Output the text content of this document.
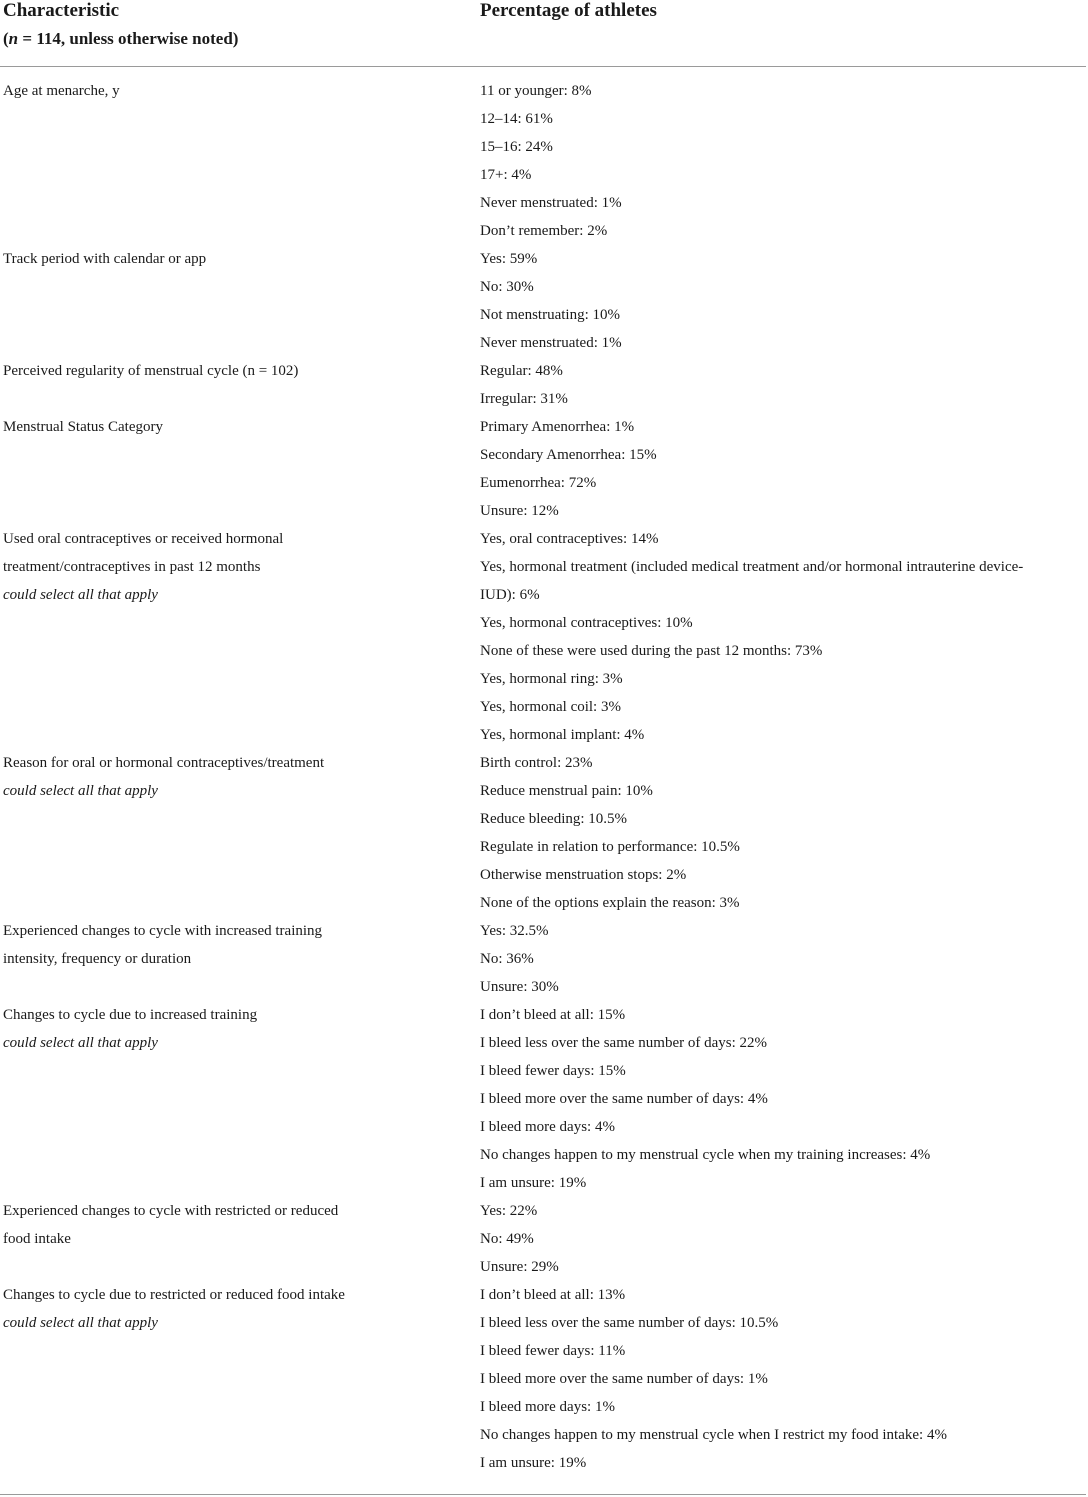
Characteristic
(n = 114, unless otherwise noted)
Percentage of athletes
Age at menarche, y	11 or younger: 8%
12–14: 61%
15–16: 24%
17+: 4%
Never menstruated: 1%
Don’t remember: 2%
Track period with calendar or app	Yes: 59%
No: 30%
Not menstruating: 10%
Never menstruated: 1%
Perceived regularity of menstrual cycle (n = 102)	Regular: 48%
Irregular: 31%
Menstrual Status Category	Primary Amenorrhea: 1%
Secondary Amenorrhea: 15%
Eumenorrhea: 72%
Unsure: 12%
Used oral contraceptives or received hormonal treatment/contraceptives in past 12 months
could select all that apply
Yes, oral contraceptives: 14%
Yes, hormonal treatment (included medical treatment and/or hormonal intrauterine device-IUD): 6%
Yes, hormonal contraceptives: 10%
None of these were used during the past 12 months: 73%
Yes, hormonal ring: 3%
Yes, hormonal coil: 3%
Yes, hormonal implant: 4%
Reason for oral or hormonal contraceptives/treatment
could select all that apply
Birth control: 23%
Reduce menstrual pain: 10%
Reduce bleeding: 10.5%
Regulate in relation to performance: 10.5%
Otherwise menstruation stops: 2%
None of the options explain the reason: 3%
Experienced changes to cycle with increased training intensity, frequency or duration
Yes: 32.5%
No: 36%
Unsure: 30%
Changes to cycle due to increased training
could select all that apply
I don’t bleed at all: 15%
I bleed less over the same number of days: 22%
I bleed fewer days: 15%
I bleed more over the same number of days: 4%
I bleed more days: 4%
No changes happen to my menstrual cycle when my training increases: 4%
I am unsure: 19%
Experienced changes to cycle with restricted or reduced food intake
Yes: 22%
No: 49%
Unsure: 29%
Changes to cycle due to restricted or reduced food intake
could select all that apply
I don’t bleed at all: 13%
I bleed less over the same number of days: 10.5%
I bleed fewer days: 11%
I bleed more over the same number of days: 1%
I bleed more days: 1%
No changes happen to my menstrual cycle when I restrict my food intake: 4%
I am unsure: 19%
